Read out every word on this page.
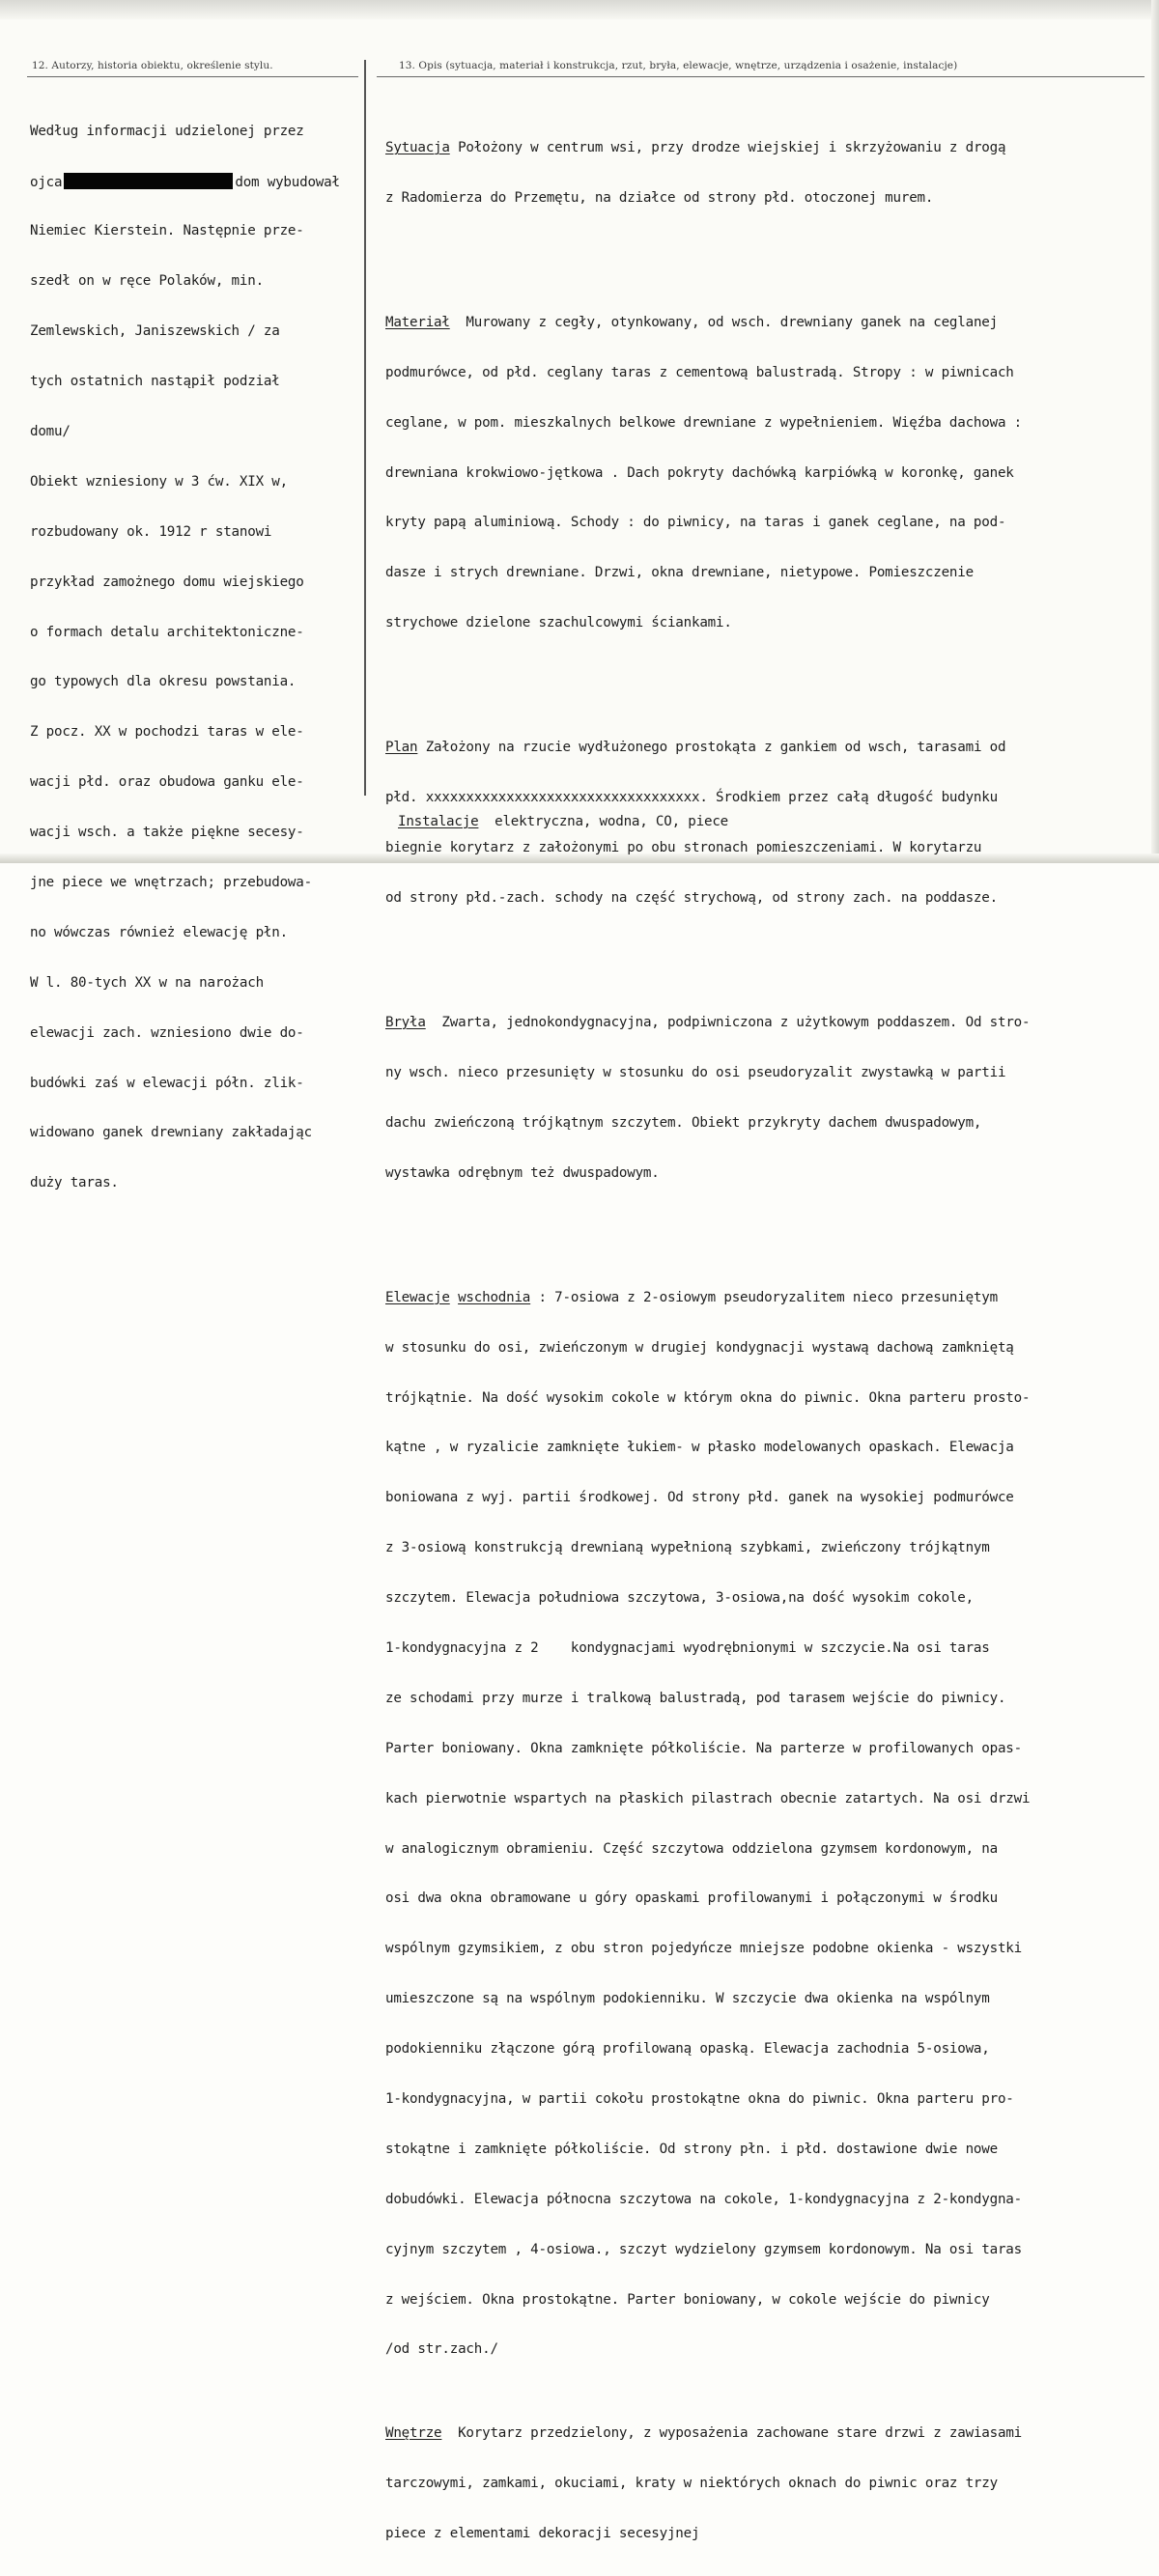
12. Autorzy, historia obiektu, określenie stylu.	13. Opis (sytuacja, materiał i konstrukcja, rzut, bryła, elewacje, wnętrze, urządzenia i osażenie, instalacje)

Według informacji udzielonej przez

ojca	dom wybudował

Niemiec Kierstein. Następnie prze-

szedł on w ręce Polaków, min.

Zemlewskich, Janiszewskich / za

tych ostatnich nastąpił podział

domu/

Obiekt wzniesiony w 3 ćw. XIX w,

rozbudowany ok. 1912 r stanowi

przykład zamożnego domu wiejskiego

o formach detalu architektoniczne-

go typowych dla okresu powstania.

Z pocz. XX w pochodzi taras w ele-

wacji płd. oraz obudowa ganku ele-

wacji wsch. a także piękne secesy-

jne piece we wnętrzach; przebudowa-

no wówczas również elewację płn.

W l. 80-tych XX w na narożach

elewacji zach. wzniesiono dwie do-

budówki zaś w elewacji półn. zlik-

widowano ganek drewniany zakładając

duży taras.

Sytuacja Położony w centrum wsi, przy drodze wiejskiej i skrzyżowaniu z drogą

z Radomierza do Przemętu, na działce od strony płd. otoczonej murem.

Materiał  Murowany z cegły, otynkowany, od wsch. drewniany ganek na ceglanej

podmurówce, od płd. ceglany taras z cementową balustradą. Stropy : w piwnicach

ceglane, w pom. mieszkalnych belkowe drewniane z wypełnieniem. Więźba dachowa :

drewniana krokwiowo-jętkowa . Dach pokryty dachówką karpiówką w koronkę, ganek

kryty papą aluminiową. Schody : do piwnicy, na taras i ganek ceglane, na pod-

dasze i strych drewniane. Drzwi, okna drewniane, nietypowe. Pomieszczenie

strychowe dzielone szachulcowymi ściankami.

Plan Założony na rzucie wydłużonego prostokąta z gankiem od wsch, tarasami od

płd. xxxxxxxxxxxxxxxxxxxxxxxxxxxxxxxxxx. Środkiem przez całą długość budynku

biegnie korytarz z założonymi po obu stronach pomieszczeniami. W korytarzu

od strony płd.-zach. schody na część strychową, od strony zach. na poddasze.

Bryła  Zwarta, jednokondygnacyjna, podpiwniczona z użytkowym poddaszem. Od stro-

ny wsch. nieco przesunięty w stosunku do osi pseudoryzalit zwystawką w partii

dachu zwieńczoną trójkątnym szczytem. Obiekt przykryty dachem dwuspadowym,

wystawka odrębnym też dwuspadowym.

Elewacje wschodnia : 7-osiowa z 2-osiowym pseudoryzalitem nieco przesuniętym

w stosunku do osi, zwieńczonym w drugiej kondygnacji wystawą dachową zamkniętą

trójkątnie. Na dość wysokim cokole w którym okna do piwnic. Okna parteru prosto-

kątne , w ryzalicie zamknięte łukiem- w płasko modelowanych opaskach. Elewacja

boniowana z wyj. partii środkowej. Od strony płd. ganek na wysokiej podmurówce

z 3-osiową konstrukcją drewnianą wypełnioną szybkami, zwieńczony trójkątnym

szczytem. Elewacja południowa szczytowa, 3-osiowa,na dość wysokim cokole,

1-kondygnacyjna z 2    kondygnacjami wyodrębnionymi w szczycie.Na osi taras

ze schodami przy murze i tralkową balustradą, pod tarasem wejście do piwnicy.

Parter boniowany. Okna zamknięte półkoliście. Na parterze w profilowanych opas-

kach pierwotnie wspartych na płaskich pilastrach obecnie zatartych. Na osi drzwi

w analogicznym obramieniu. Część szczytowa oddzielona gzymsem kordonowym, na

osi dwa okna obramowane u góry opaskami profilowanymi i połączonymi w środku

wspólnym gzymsikiem, z obu stron pojedyńcze mniejsze podobne okienka - wszystki

umieszczone są na wspólnym podokienniku. W szczycie dwa okienka na wspólnym

podokienniku złączone górą profilowaną opaską. Elewacja zachodnia 5-osiowa,

1-kondygnacyjna, w partii cokołu prostokątne okna do piwnic. Okna parteru pro-

stokątne i zamknięte półkoliście. Od strony płn. i płd. dostawione dwie nowe

dobudówki. Elewacja północna szczytowa na cokole, 1-kondygnacyjna z 2-kondygna-

cyjnym szczytem , 4-osiowa., szczyt wydzielony gzymsem kordonowym. Na osi taras

z wejściem. Okna prostokątne. Parter boniowany, w cokole wejście do piwnicy

/od str.zach./

Wnętrze  Korytarz przedzielony, z wyposażenia zachowane stare drzwi z zawiasami

tarczowymi, zamkami, okuciami, kraty w niektórych oknach do piwnic oraz trzy

piece z elementami dekoracji secesyjnej

Instalacje  elektryczna, wodna, CO, piece
